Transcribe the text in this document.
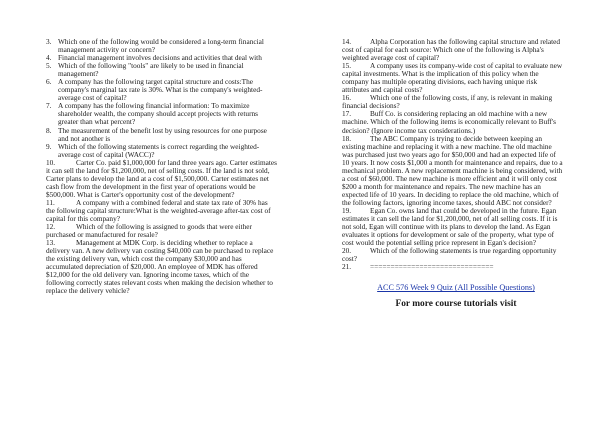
3. Which one of the following would be considered a long-term financial management activity or concern?

4. Financial management involves decisions and activities that deal with

5. Which of the following "tools" are likely to be used in financial management?

6. A company has the following target capital structure and costs:The company's marginal tax rate is 30%. What is the company's weighted-average cost of capital?

7. A company has the following financial information: To maximize shareholder wealth, the company should accept projects with returns greater than what percent?

8. The measurement of the benefit lost by using resources for one purpose and not another is

9. Which of the following statements is correct regarding the weighted-average cost of capital (WACC)?

10.	Carter Co. paid $1,000,000 for land three years ago. Carter estimates it can sell the land for $1,200,000, net of selling costs. If the land is not sold, Carter plans to develop the land at a cost of $1,500,000. Carter estimates net cash flow from the development in the first year of operations would be $500,000. What is Carter's opportunity cost of the development?

11.	A company with a combined federal and state tax rate of 30% has the following capital structure:What is the weighted-average after-tax cost of capital for this company?

12.	Which of the following is assigned to goods that were either purchased or manufactured for resale?

13.	Management at MDK Corp. is deciding whether to replace a delivery van. A new delivery van costing $40,000 can be purchased to replace the existing delivery van, which cost the company $30,000 and has accumulated depreciation of $20,000. An employee of MDK has offered $12,000 for the old delivery van. Ignoring income taxes, which of the following correctly states relevant costs when making the decision whether to replace the delivery vehicle?

14.	Alpha Corporation has the following capital structure and related cost of capital for each source: Which one of the following is Alpha's weighted average cost of capital?

15.	A company uses its company-wide cost of capital to evaluate new capital investments. What is the implication of this policy when the company has multiple operating divisions, each having unique risk attributes and capital costs?

16.	Which one of the following costs, if any, is relevant in making financial decisions?

17.	Buff Co. is considering replacing an old machine with a new machine. Which of the following items is economically relevant to Buff's decision? (Ignore income tax considerations.)

18.	The ABC Company is trying to decide between keeping an existing machine and replacing it with a new machine. The old machine was purchased just two years ago for $50,000 and had an expected life of 10 years. It now costs $1,000 a month for maintenance and repairs, due to a mechanical problem. A new replacement machine is being considered, with a cost of $60,000. The new machine is more efficient and it will only cost $200 a month for maintenance and repairs. The new machine has an expected life of 10 years. In deciding to replace the old machine, which of the following factors, ignoring income taxes, should ABC not consider?

19.	Egan Co. owns land that could be developed in the future. Egan estimates it can sell the land for $1,200,000, net of all selling costs. If it is not sold, Egan will continue with its plans to develop the land. As Egan evaluates it options for development or sale of the property, what type of cost would the potential selling price represent in Egan's decision?

20.	Which of the following statements is true regarding opportunity cost?

21.	==============================

ACC 576 Week 9 Quiz (All Possible Questions)
For more course tutorials visit
